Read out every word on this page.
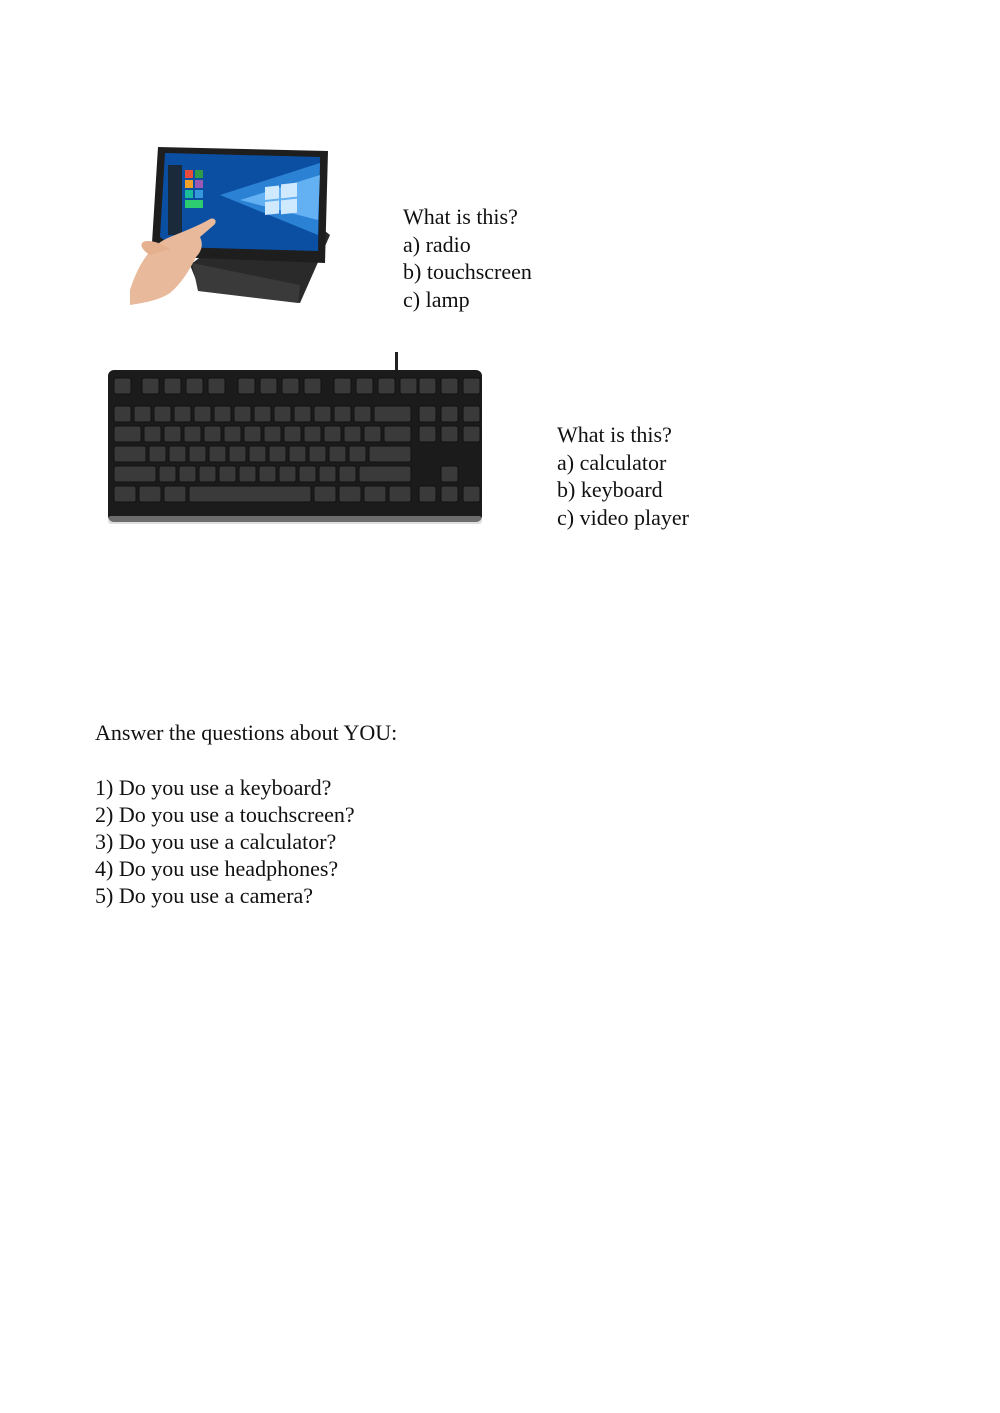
What is this?
a) radio
b) touchscreen
c) lamp
What is this?
a) calculator
b) keyboard
c) video player
Answer the questions about YOU:
1) Do you use a keyboard?
2) Do you use a touchscreen?
3) Do you use a calculator?
4) Do you use headphones?
5) Do you use a camera?
